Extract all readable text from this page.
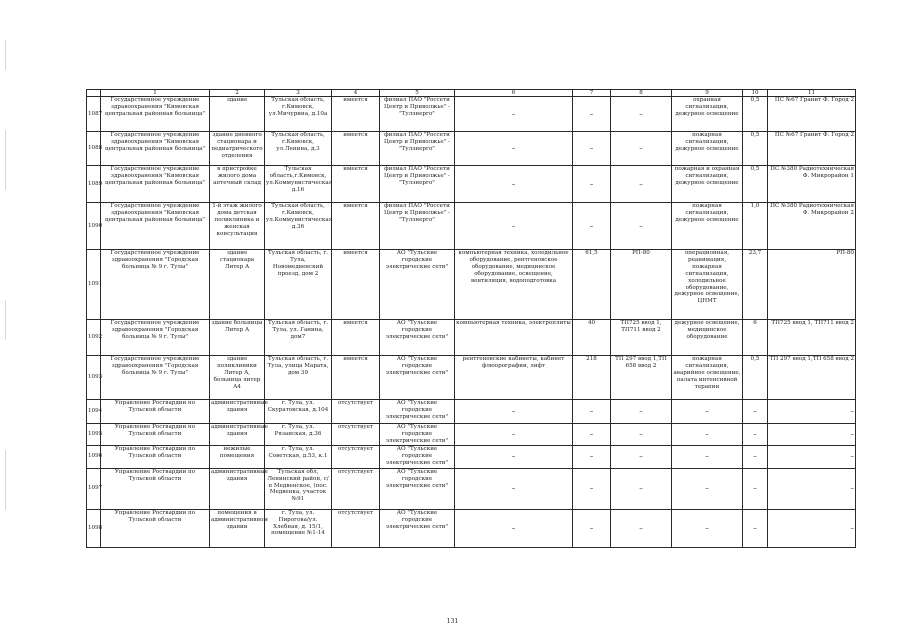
	1	2	3	4	5	6	7	8	9	10	11
1087	Государственное учреждение здравоохранения "Кимовская центральная районная больница"	здание	Тульская область, г.Кимовск, ул.Мичурина, д.10а	имеется	филиал ПАО "Россети Центр и Приволжье" - "Тулэнерго"	–	–	–	охранная сигнализация, дежурное освещение	0,5	ПС №67 Гранит Ф. Город 2
1088	Государственное учреждение здравоохранения "Кимовская центральная районная больница"	здание дневного стационара и педиатрического отделения	Тульская область, г.Кимовск, ул.Ленина, д.3	имеется	филиал ПАО "Россети Центр и Приволжье" - "Тулэнерго"	–	–	–	пожарная сигнализация, дежурное освещение	0,5	ПС №67 Гранит Ф. Город 2
1089	Государственное учреждение здравоохранения "Кимовская центральная районная больница"	в пристройке жилого дома аптечный склад	Тульская область,г.Кимовск, ул.Коммунистическая д.16	имеется	филиал ПАО "Россети Центр и Приволжье" - "Тулэнерго"	–	–	–	пожарная и охранная сигнализация, дежурное освещение	0,5	ПС №380 Радиотехническая Ф. Микрорайон 1
1090	Государственное учреждение здравоохранения "Кимовская центральная районная больница"	1-й этаж жилого дома детская поликлиника и женская консультация	Тульская область, г.Кимовск, ул.Коммунистическая д.36	имеется	филиал ПАО "Россети Центр и Приволжье" - "Тулэнерго"	–	–	–	пожарная сигнализация, дежурное освещение	1,0	ПС №380 Радиотехническая Ф. Микрорайон 2
1091	Государственное учреждение здравоохранения "Городская больница № 9 г. Тулы"	здание стационара Литер А	Тульская область, г. Тула, Новомедвенский проезд, дом 2	имеется	АО "Тульские городские электрические сети"	компьютерная техника, холодильное оборудование, рентгеновское оборудование, медицинское оборудование, освещение, вентиляция, водоподготовка	61,5	РП-80	операционная, реанимация, пожарная сигнализация, холодильное оборудование, дежурное освещение, ЦНМТ	23,7	РП-80
1092	Государственное учреждение здравоохранения "Городская больница № 9 г. Тулы"	здание больницы Литер А	Тульская область, г. Тула, ул. Ганина, дом7	имеется	АО "Тульские городские электрические сети"	компьютерная техника, электроплиты	40	ТП725 ввод 1, ТП711 ввод 2	дежурное освещение, медицинское оборудование	6	ТП725 ввод 1, ТП711 ввод 2
1093	Государственное учреждение здравоохранения "Городская больница № 9 г. Тулы"	здание поликлиники Литер А, больница литер А4	Тульская область, г. Тула, улица Марата, дом 39	имеется	АО "Тульские городские электрические сети"	рентгеновские кабинеты, кабинет флюорографии, лифт	218	ТП 297 ввод 1,ТП 658 ввод 2	пожарная сигнализация, аварийное освещение, палата интенсивной терапии	0,5	ТП 297 ввод 1,ТП 658 ввод 2
1094	Управление Росгвардии по Тульской области	административные здания	г. Тула, ул. Скуратовская, д.104	отсутствует	АО "Тульские городские электрические сети"	–	–	–	–	–	–
1095	Управление Росгвардии по Тульской области	административные здания	г. Тула, ул. Рязанская, д.36	отсутствует	АО "Тульские городские электрические сети"	–	–	–	–	–	–
1096	Управление Росгвардии по Тульской области	нежилые помещения	г. Тула, ул. Советская, д.53, к.1	отсутствует	АО "Тульские городские электрические сети"	–	–	–	–	–	–
1097	Управление Росгвардии по Тульской области	административные здания	Тульская обл, Ленинский район, с/п Медвенское, (пос. Медвенка, участок №91	отсутствует	АО "Тульские городские электрические сети"	–	–	–	–	–	–
1098	Управление Росгвардии по Тульской области	помещения в административном здании	г. Тула, ул. Пирогова/ул. Хлебная, д. 15/1, помещение №1-14	отсутствует	АО "Тульские городские электрические сети"	–	–	–	–	–	–
131
